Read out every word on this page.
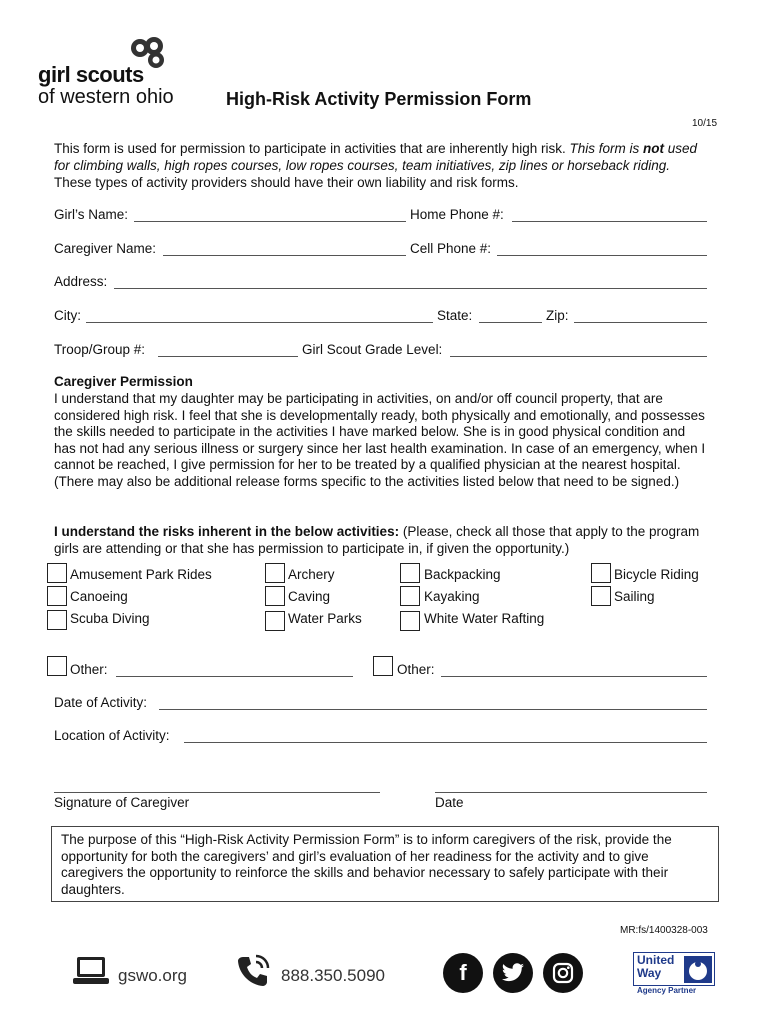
girl scouts
of western ohio	High-Risk Activity Permission Form
10/15
This form is used for permission to participate in activities that are inherently high risk. This form is not used for climbing walls, high ropes courses, low ropes courses, team initiatives, zip lines or horseback riding. These types of activity providers should have their own liability and risk forms.
Girl’s Name:	Home Phone #:
Caregiver Name:	Cell Phone #:
Address:
City:	State:	Zip:
Troop/Group #:	Girl Scout Grade Level:
Caregiver Permission
I understand that my daughter may be participating in activities, on and/or off council property, that are considered high risk. I feel that she is developmentally ready, both physically and emotionally, and possesses the skills needed to participate in the activities I have marked below. She is in good physical condition and has not had any serious illness or surgery since her last health examination. In case of an emergency, when I cannot be reached, I give permission for her to be treated by a qualified physician at the nearest hospital. (There may also be additional release forms specific to the activities listed below that need to be signed.)
I understand the risks inherent in the below activities: (Please, check all those that apply to the program girls are attending or that she has permission to participate in, if given the opportunity.)
Amusement Park Rides	Archery	Backpacking	Bicycle Riding
Canoeing	Caving	Kayaking	Sailing
Scuba Diving	Water Parks	White Water Rafting
Other:	Other:
Date of Activity:
Location of Activity:
Signature of Caregiver	Date
The purpose of this “High-Risk Activity Permission Form” is to inform caregivers of the risk, provide the opportunity for both the caregivers’ and girl’s evaluation of her readiness for the activity and to give caregivers the opportunity to reinforce the skills and behavior necessary to safely participate with their daughters.
MR:fs/1400328-003
gswo.org	888.350.5090	f	United
Way
Agency Partner
